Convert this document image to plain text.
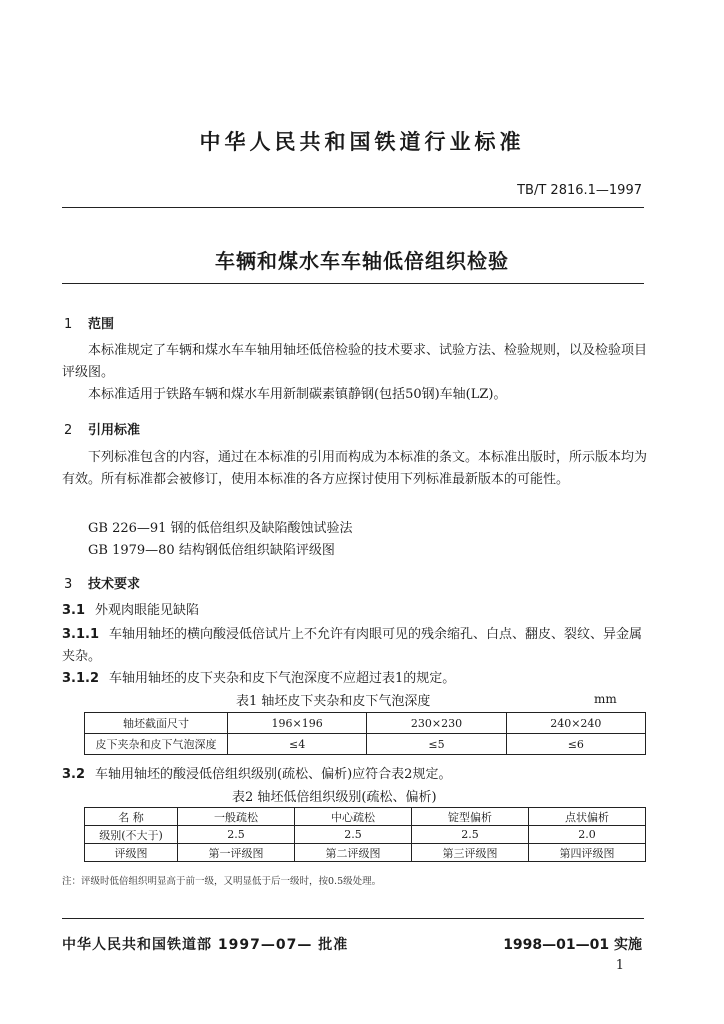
中华人民共和国铁道行业标准
TB/T 2816.1—1997
车辆和煤水车车轴低倍组织检验
1 范围
本标准规定了车辆和煤水车车轴用轴坯低倍检验的技术要求、试验方法、检验规则，以及检验项目评级图。
本标准适用于铁路车辆和煤水车用新制碳素镇静钢(包括50钢)车轴(LZ)。
2 引用标准
下列标准包含的内容，通过在本标准的引用而构成为本标准的条文。本标准出版时，所示版本均为有效。所有标准都会被修订，使用本标准的各方应探讨使用下列标准最新版本的可能性。
GB 226—91 钢的低倍组织及缺陷酸蚀试验法
GB 1979—80 结构钢低倍组织缺陷评级图
3 技术要求
3.1 外观肉眼能见缺陷
3.1.1 车轴用轴坯的横向酸浸低倍试片上不允许有肉眼可见的残余缩孔、白点、翻皮、裂纹、异金属夹杂。
3.1.2 车轴用轴坯的皮下夹杂和皮下气泡深度不应超过表1的规定。
表1 轴坯皮下夹杂和皮下气泡深度	mm
轴坯截面尺寸	196×196	230×230	240×240
皮下夹杂和皮下气泡深度	≤4	≤5	≤6
3.2 车轴用轴坯的酸浸低倍组织级别(疏松、偏析)应符合表2规定。
表2 轴坯低倍组织级别(疏松、偏析)
名 称	一般疏松	中心疏松	锭型偏析	点状偏析
级别(不大于)	2.5	2.5	2.5	2.0
评级图	第一评级图	第二评级图	第三评级图	第四评级图
注：评级时低倍组织明显高于前一级，又明显低于后一级时，按0.5级处理。
中华人民共和国铁道部 1997—07— 批准	1998—01—01 实施
1
